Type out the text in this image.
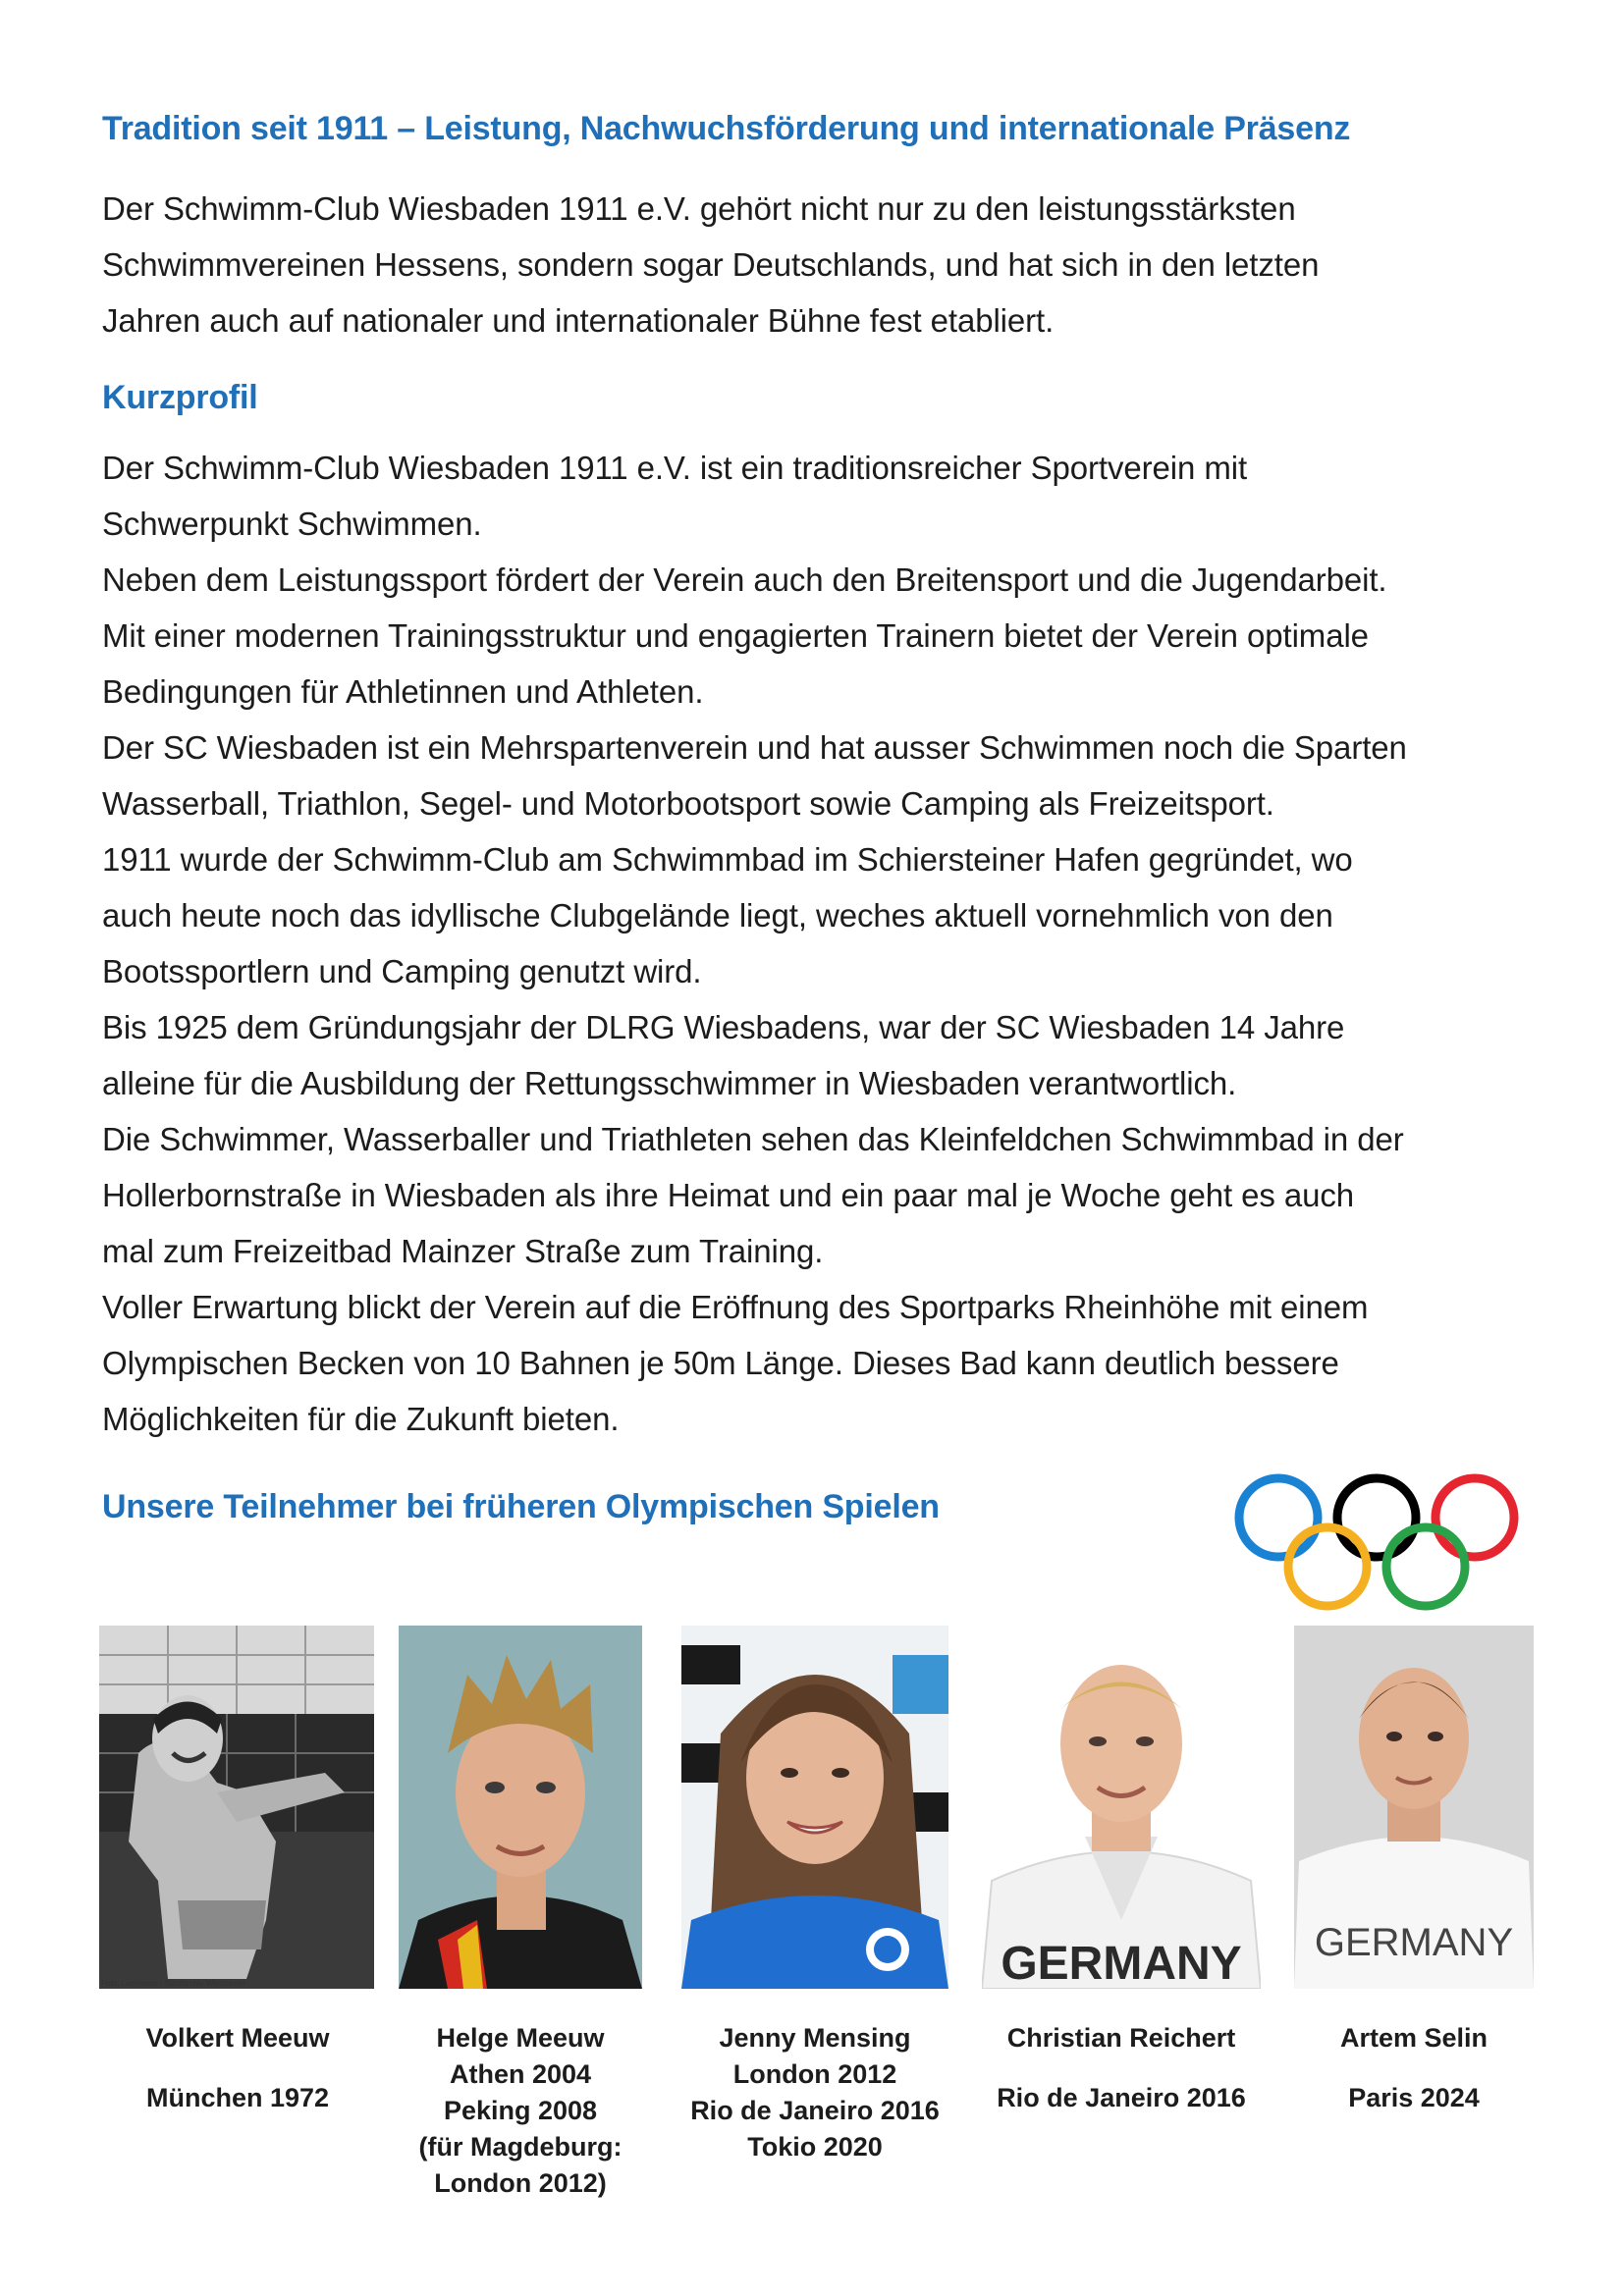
Tradition seit 1911 – Leistung, Nachwuchsförderung und internationale Präsenz

Der Schwimm-Club Wiesbaden 1911 e.V. gehört nicht nur zu den leistungsstärksten

Schwimmvereinen Hessens, sondern sogar Deutschlands, und hat sich in den letzten

Jahren auch auf nationaler und internationaler Bühne fest etabliert.

Kurzprofil

Der Schwimm-Club Wiesbaden 1911 e.V. ist ein traditionsreicher Sportverein mit

Schwerpunkt Schwimmen.

Neben dem Leistungssport fördert der Verein auch den Breitensport und die Jugendarbeit.

Mit einer modernen Trainingsstruktur und engagierten Trainern bietet der Verein optimale

Bedingungen für Athletinnen und Athleten.

Der SC Wiesbaden ist ein Mehrspartenverein und hat ausser Schwimmen noch die Sparten

Wasserball, Triathlon, Segel- und Motorbootsport sowie Camping als Freizeitsport.

1911 wurde der Schwimm-Club am Schwimmbad im Schiersteiner Hafen gegründet, wo

auch heute noch das idyllische Clubgelände liegt, weches aktuell vornehmlich von den

Bootssportlern und Camping genutzt wird.

Bis 1925 dem Gründungsjahr der DLRG Wiesbadens, war der SC Wiesbaden 14 Jahre

alleine für die Ausbildung der Rettungsschwimmer in Wiesbaden verantwortlich.

Die Schwimmer, Wasserballer und Triathleten sehen das Kleinfeldchen Schwimmbad in der

Hollerbornstraße in Wiesbaden als ihre Heimat und ein paar mal je Woche geht es auch

mal zum Freizeitbad Mainzer Straße zum Training.

Voller Erwartung blickt der Verein auf die Eröffnung des Sportparks Rheinhöhe mit einem

Olympischen Becken von 10 Bahnen je 50m Länge. Dieses Bad kann deutlich bessere

Möglichkeiten für die Zukunft bieten.

Unsere Teilnehmer bei früheren Olympischen Spielen
Foto: Lachmann / Stadtarchiv Wiesbaden	GERMANY GERMANY
Volkert Meeuw
München 1972
Helge Meeuw
Athen 2004
Peking 2008
(für Magdeburg:
London 2012)
Jenny Mensing
London 2012
Rio de Janeiro 2016
Tokio 2020
Christian Reichert
Rio de Janeiro 2016
Artem Selin
Paris 2024
